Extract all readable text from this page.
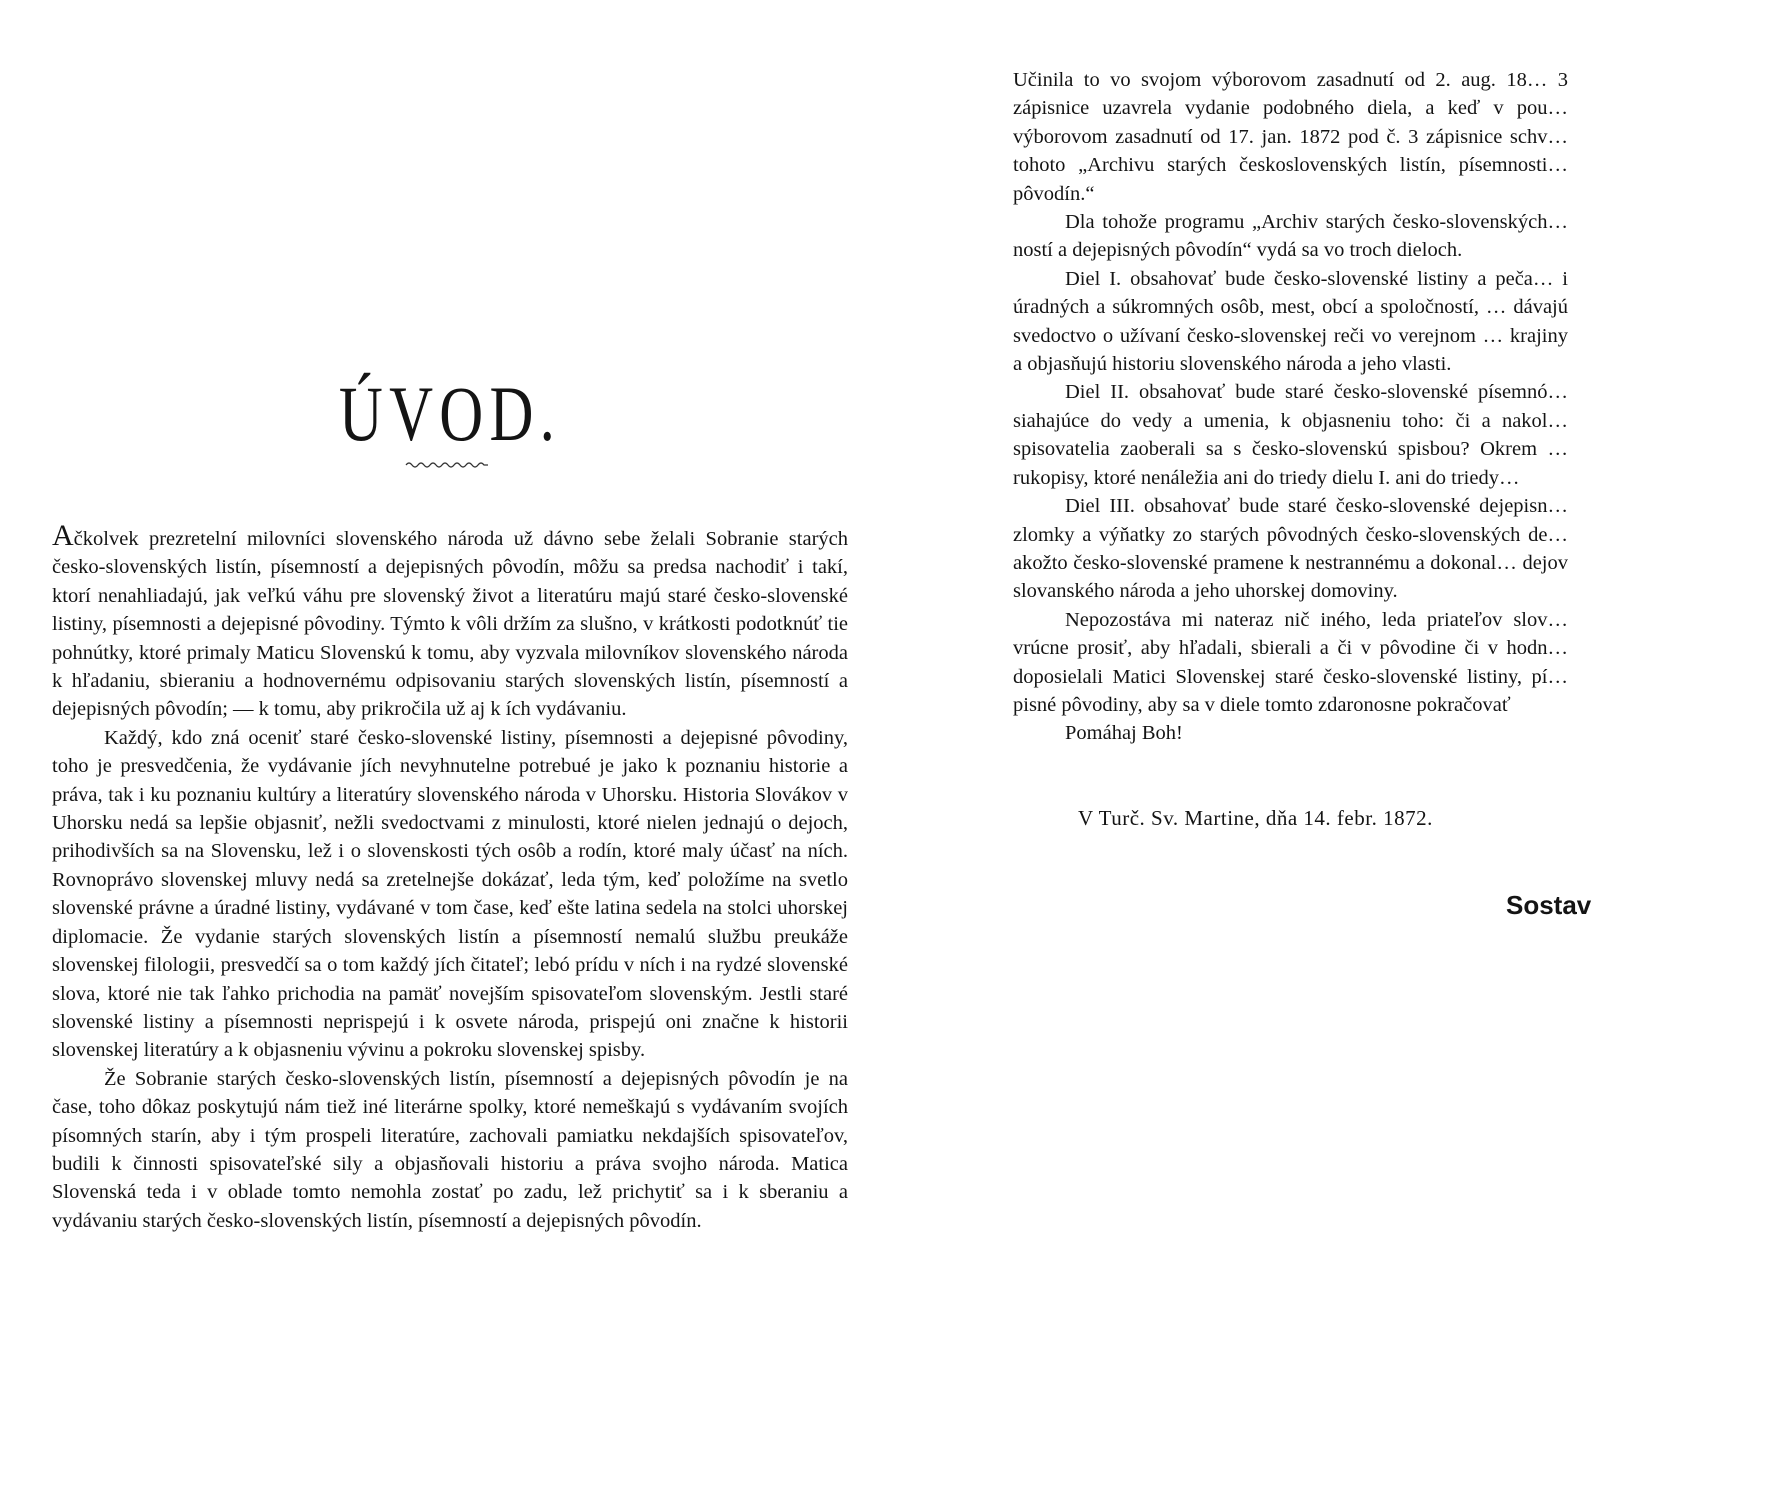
ÚVOD.

Ačkolvek prezretelní milovníci slovenského národa už dávno sebe želali Sobranie starých česko-slovenských listín, písemností a dejepisných pôvodín, môžu sa predsa nachodiť i takí, ktorí nenahliadajú, jak veľkú váhu pre slovenský život a literatúru majú staré česko-slovenské listiny, písemnosti a dejepisné pôvodiny. Týmto k vôli držím za slušno, v krátkosti podotknúť tie pohnútky, ktoré primaly Maticu Slovenskú k tomu, aby vyzvala milovníkov slovenského národa k hľadaniu, sbieraniu a hodnovernému odpisovaniu starých slovenských listín, písemností a dejepisných pôvodín; — k tomu, aby prikročila už aj k ích vydávaniu.

Každý, kdo zná oceniť staré česko-slovenské listiny, písemnosti a dejepisné pôvodiny, toho je presvedčenia, že vydávanie jích nevyhnutelne potrebué je jako k poznaniu historie a práva, tak i ku poznaniu kultúry a literatúry slovenského národa v Uhorsku. Historia Slovákov v Uhorsku nedá sa lepšie objasniť, nežli svedoctvami z minulosti, ktoré nielen jednajú o dejoch, prihodivších sa na Slovensku, lež i o slovenskosti tých osôb a rodín, ktoré maly účasť na ních. Rovnoprávo slovenskej mluvy nedá sa zretelnejše dokázať, leda tým, keď položíme na svetlo slovenské právne a úradné listiny, vydávané v tom čase, keď ešte latina sedela na stolci uhorskej diplomacie. Že vydanie starých slovenských listín a písemností nemalú službu preukáže slovenskej filologii, presvedčí sa o tom každý jích čitateľ; lebó prídu v ních i na rydzé slovenské slova, ktoré nie tak ľahko prichodia na pamäť novejším spisovateľom slovenským. Jestli staré slovenské listiny a písemnosti neprispejú i k osvete národa, prispejú oni značne k historii slovenskej literatúry a k objasneniu vývinu a pokroku slovenskej spisby.

Že Sobranie starých česko-slovenských listín, písemností a dejepisných pôvodín je na čase, toho dôkaz poskytujú nám tiež iné literárne spolky, ktoré nemeškajú s vydávaním svojích písomných starín, aby i tým prospeli literatúre, zachovali pamiatku nekdajších spisovateľov, budili k činnosti spisovateľské sily a objasňovali historiu a práva svojho národa. Matica Slovenská teda i v oblade tomto nemohla zostať po zadu, lež prichytiť sa i k sberaniu a vydávaniu starých česko-slovenských listín, písemností a dejepisných pôvodín.

Učinila to vo svojom výborovom zasadnutí od 2. aug. 18… 3 zápisnice uzavrela vydanie podobného diela, a keď v pou… výborovom zasadnutí od 17. jan. 1872 pod č. 3 zápisnice schv… tohoto „Archivu starých československých listín, písemnosti… pôvodín.“

Dla tohože programu „Archiv starých česko-slovenských… ností a dejepisných pôvodín“ vydá sa vo troch dieloch.

Diel I. obsahovať bude česko-slovenské listiny a peča… i úradných a súkromných osôb, mest, obcí a spoločností, … dávajú svedoctvo o užívaní česko-slovenskej reči vo verejnom … krajiny a objasňujú historiu slovenského národa a jeho vlasti.

Diel II. obsahovať bude staré česko-slovenské písemnó… siahajúce do vedy a umenia, k objasneniu toho: či a nakol… spisovatelia zaoberali sa s česko-slovenskú spisbou? Okrem … rukopisy, ktoré nenáležia ani do triedy dielu I. ani do triedy…

Diel III. obsahovať bude staré česko-slovenské dejepisn… zlomky a výňatky zo starých pôvodných česko-slovenských de… akožto česko-slovenské pramene k nestrannému a dokonal… dejov slovanského národa a jeho uhorskej domoviny.

Nepozostáva mi nateraz nič iného, leda priateľov slov… vrúcne prosiť, aby hľadali, sbierali a či v pôvodine či v hodn… doposielali Matici Slovenskej staré česko-slovenské listiny, pí… pisné pôvodiny, aby sa v diele tomto zdaronosne pokračovať

Pomáhaj Boh!

V Turč. Sv. Martine, dňa 14. febr. 1872.
Sostav
